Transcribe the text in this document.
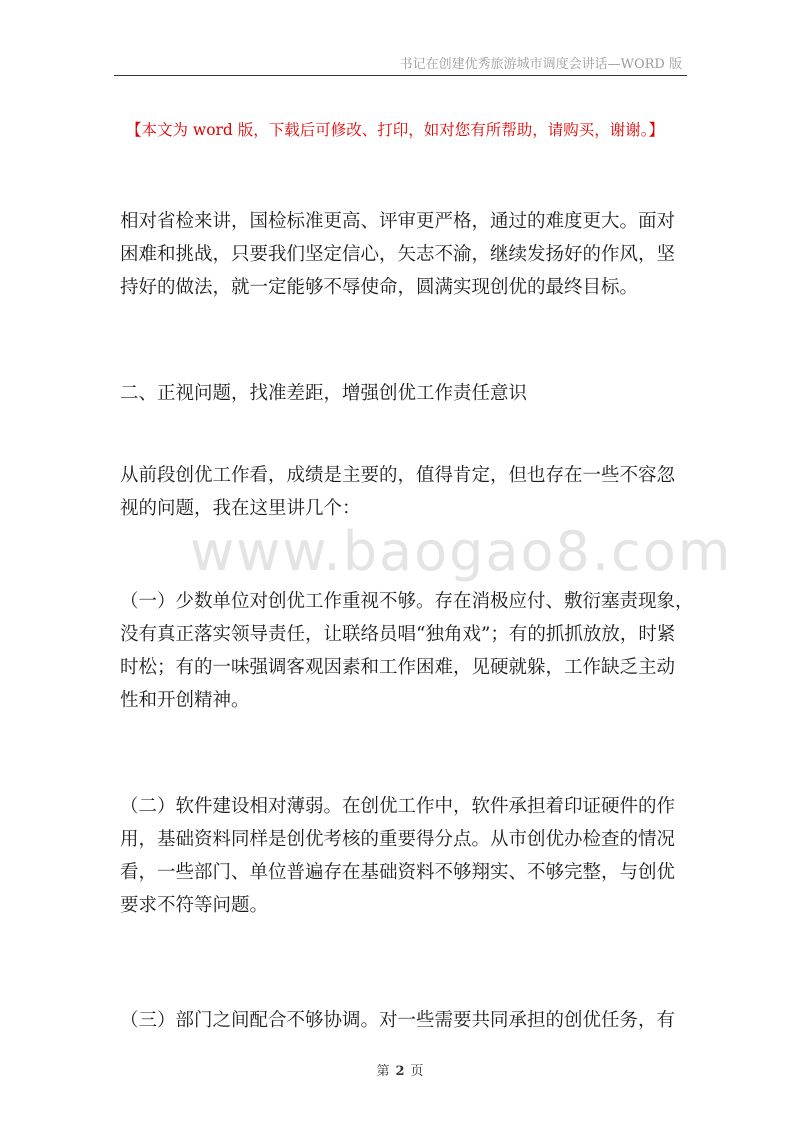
书记在创建优秀旅游城市调度会讲话—WORD 版
【本文为 word 版，下载后可修改、打印，如对您有所帮助，请购买，谢谢。】
www.baogao8.com
相对省检来讲，国检标准更高、评审更严格，通过的难度更大。面对
困难和挑战，只要我们坚定信心，矢志不渝，继续发扬好的作风，坚
持好的做法，就一定能够不辱使命，圆满实现创优的最终目标。
二、正视问题，找准差距，增强创优工作责任意识
从前段创优工作看，成绩是主要的，值得肯定，但也存在一些不容忽
视的问题，我在这里讲几个：
（一）少数单位对创优工作重视不够。存在消极应付、敷衍塞责现象，
没有真正落实领导责任，让联络员唱“独角戏”；有的抓抓放放，时紧
时松；有的一味强调客观因素和工作困难，见硬就躲，工作缺乏主动
性和开创精神。
（二）软件建设相对薄弱。在创优工作中，软件承担着印证硬件的作
用，基础资料同样是创优考核的重要得分点。从市创优办检查的情况
看，一些部门、单位普遍存在基础资料不够翔实、不够完整，与创优
要求不符等问题。
（三）部门之间配合不够协调。对一些需要共同承担的创优任务，有
第 2 页
